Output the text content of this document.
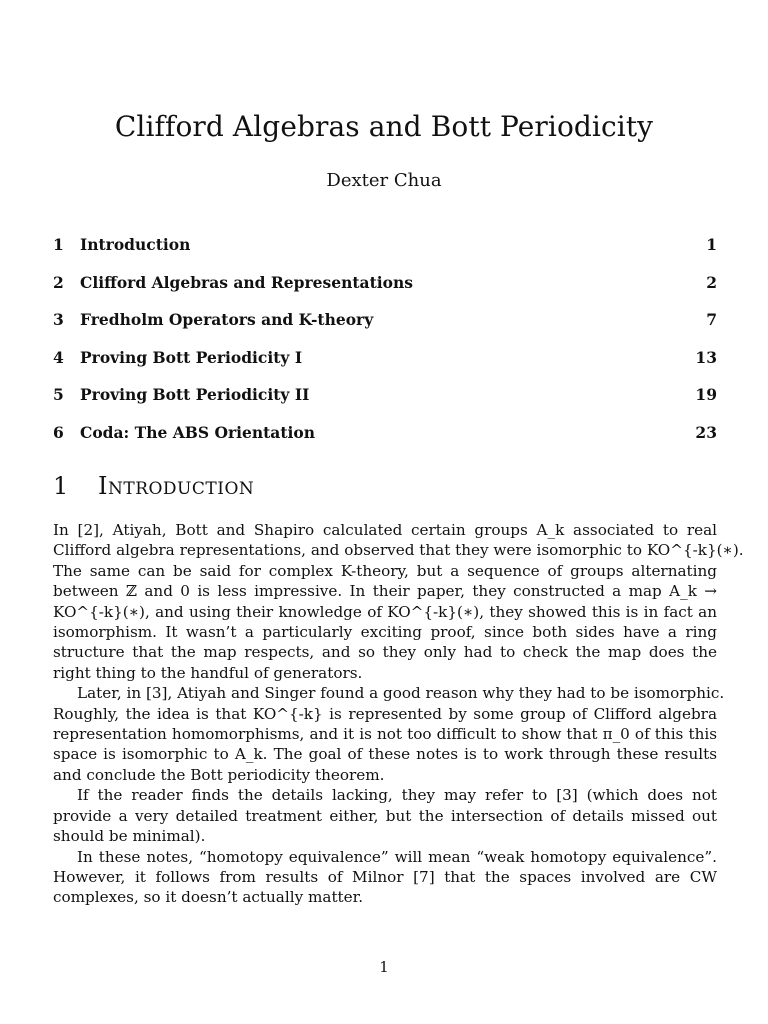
Clifford Algebras and Bott Periodicity
Dexter Chua
1	Introduction	1
2	Clifford Algebras and Representations	2
3	Fredholm Operators and K-theory	7
4	Proving Bott Periodicity I	13
5	Proving Bott Periodicity II	19
6	Coda: The ABS Orientation	23
1	Introduction
In [2], Atiyah, Bott and Shapiro calculated certain groups A_k associated to real
Clifford algebra representations, and observed that they were isomorphic to KO^{-k}(∗).
The same can be said for complex K-theory, but a sequence of groups alternating
between ℤ and 0 is less impressive. In their paper, they constructed a map A_k →
KO^{-k}(∗), and using their knowledge of KO^{-k}(∗), they showed this is in fact an
isomorphism. It wasn’t a particularly exciting proof, since both sides have a ring
structure that the map respects, and so they only had to check the map does the
right thing to the handful of generators.
Later, in [3], Atiyah and Singer found a good reason why they had to be isomorphic.
Roughly, the idea is that KO^{-k} is represented by some group of Clifford algebra
representation homomorphisms, and it is not too difficult to show that π_0 of this this
space is isomorphic to A_k. The goal of these notes is to work through these results
and conclude the Bott periodicity theorem.
If the reader finds the details lacking, they may refer to [3] (which does not
provide a very detailed treatment either, but the intersection of details missed out
should be minimal).
In these notes, “homotopy equivalence” will mean “weak homotopy equivalence”.
However, it follows from results of Milnor [7] that the spaces involved are CW
complexes, so it doesn’t actually matter.
1
